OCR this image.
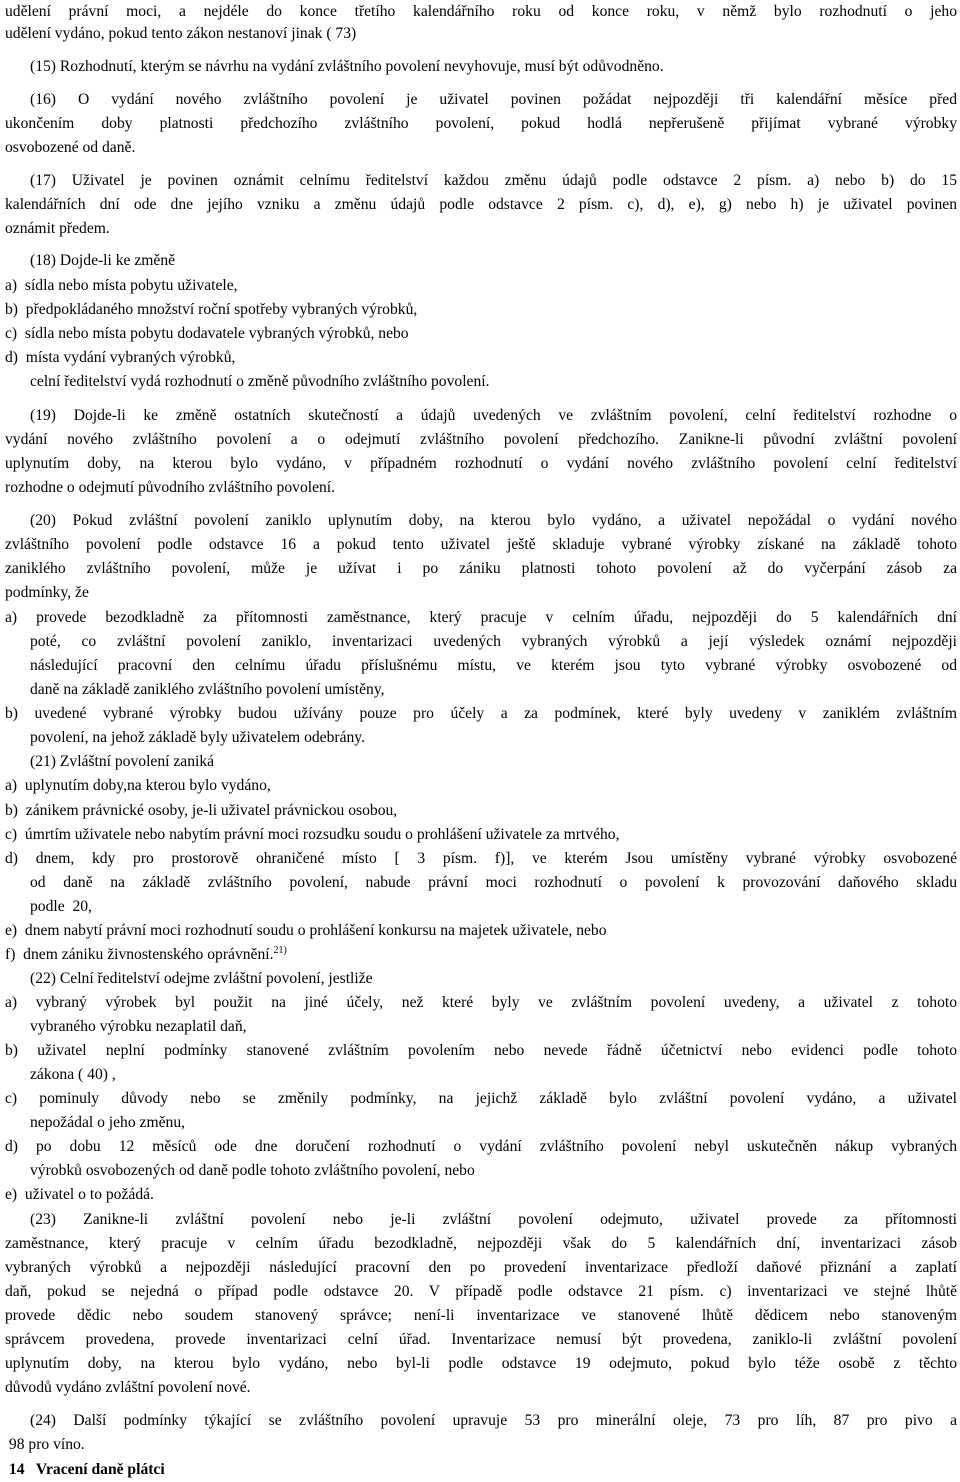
udělení právní moci, a nejdéle do konce třetího kalendářního roku od konce roku, v němž bylo rozhodnutí o jeho
udělení vydáno, pokud tento zákon nestanoví jinak ( 73)
(15) Rozhodnutí, kterým se návrhu na vydání zvláštního povolení nevyhovuje, musí být odůvodněno.
(16) O vydání nového zvláštního povolení je uživatel povinen požádat nejpozději tři kalendářní měsíce před
ukončením doby platnosti předchozího zvláštního povolení, pokud hodlá nepřerušeně přijímat vybrané výrobky
osvobozené od daně.
(17) Uživatel je povinen oznámit celnímu ředitelství každou změnu údajů podle odstavce 2 písm. a) nebo b) do 15
kalendářních dní ode dne jejího vzniku a změnu údajů podle odstavce 2 písm. c), d), e), g) nebo h) je uživatel povinen
oznámit předem.
(18) Dojde-li ke změně
a)  sídla nebo místa pobytu uživatele,
b)  předpokládaného množství roční spotřeby vybraných výrobků,
c)  sídla nebo místa pobytu dodavatele vybraných výrobků, nebo
d)  místa vydání vybraných výrobků,
celní ředitelství vydá rozhodnutí o změně původního zvláštního povolení.
(19) Dojde-li ke změně ostatních skutečností a údajů uvedených ve zvláštním povolení, celní ředitelství rozhodne o
vydání nového zvláštního povolení a o odejmutí zvláštního povolení předchozího. Zanikne-li původní zvláštní povolení
uplynutím doby, na kterou bylo vydáno, v případném rozhodnutí o vydání nového zvláštního povolení celní ředitelství
rozhodne o odejmutí původního zvláštního povolení.
(20) Pokud zvláštní povolení zaniklo uplynutím doby, na kterou bylo vydáno, a uživatel nepožádal o vydání nového
zvláštního povolení podle odstavce 16 a pokud tento uživatel ještě skladuje vybrané výrobky získané na základě tohoto
zaniklého zvláštního povolení, může je užívat i po zániku platnosti tohoto povolení až do vyčerpání zásob za
podmínky, že
a) provede bezodkladně za přítomnosti zaměstnance, který pracuje v celním úřadu, nejpozději do 5 kalendářních dní
poté, co zvláštní povolení zaniklo, inventarizaci uvedených vybraných výrobků a její výsledek oznámí nejpozději
následující pracovní den celnímu úřadu příslušnému místu, ve kterém jsou tyto vybrané výrobky osvobozené od
daně na základě zaniklého zvláštního povolení umístěny,
b) uvedené vybrané výrobky budou užívány pouze pro účely a za podmínek, které byly uvedeny v zaniklém zvláštním
povolení, na jehož základě byly uživatelem odebrány.
(21) Zvláštní povolení zaniká
a)  uplynutím doby,na kterou bylo vydáno,
b)  zánikem právnické osoby, je-li uživatel právnickou osobou,
c)  úmrtím uživatele nebo nabytím právní moci rozsudku soudu o prohlášení uživatele za mrtvého,
d) dnem, kdy pro prostorově ohraničené místo [ 3 písm. f)], ve kterém Jsou umístěny vybrané výrobky osvobozené
od daně na základě zvláštního povolení, nabude právní moci rozhodnutí o povolení k provozování daňového skladu
podle  20,
e)  dnem nabytí právní moci rozhodnutí soudu o prohlášení konkursu na majetek uživatele, nebo
f)  dnem zániku živnostenského oprávnění.$^{21)}$
(22) Celní ředitelství odejme zvláštní povolení, jestliže
a) vybraný výrobek byl použit na jiné účely, než které byly ve zvláštním povolení uvedeny, a uživatel z tohoto
vybraného výrobku nezaplatil daň,
b) uživatel neplní podmínky stanovené zvláštním povolením nebo nevede řádně účetnictví nebo evidenci podle tohoto
zákona ( 40) ,
c) pominuly důvody nebo se změnily podmínky, na jejichž základě bylo zvláštní povolení vydáno, a uživatel
nepožádal o jeho změnu,
d) po dobu 12 měsíců ode dne doručení rozhodnutí o vydání zvláštního povolení nebyl uskutečněn nákup vybraných
výrobků osvobozených od daně podle tohoto zvláštního povolení, nebo
e)  uživatel o to požádá.
(23) Zanikne-li zvláštní povolení nebo je-li zvláštní povolení odejmuto, uživatel provede za přítomnosti
zaměstnance, který pracuje v celním úřadu bezodkladně, nejpozději však do 5 kalendářních dní, inventarizaci zásob
vybraných výrobků a nejpozději následující pracovní den po provedení inventarizace předloží daňové přiznání a zaplatí
daň, pokud se nejedná o případ podle odstavce 20. V případě podle odstavce 21 písm. c) inventarizaci ve stejné lhůtě
provede dědic nebo soudem stanovený správce; není-li inventarizace ve stanovené lhůtě dědicem nebo stanoveným
správcem provedena, provede inventarizaci celní úřad. Inventarizace nemusí být provedena, zaniklo-li zvláštní povolení
uplynutím doby, na kterou bylo vydáno, nebo byl-li podle odstavce 19 odejmuto, pokud bylo téže osobě z těchto
důvodů vydáno zvláštní povolení nové.
(24) Další podmínky týkající se zvláštního povolení upravuje 53 pro minerální oleje, 73 pro líh, 87 pro pivo a
98 pro víno.
14   Vracení daně plátci
